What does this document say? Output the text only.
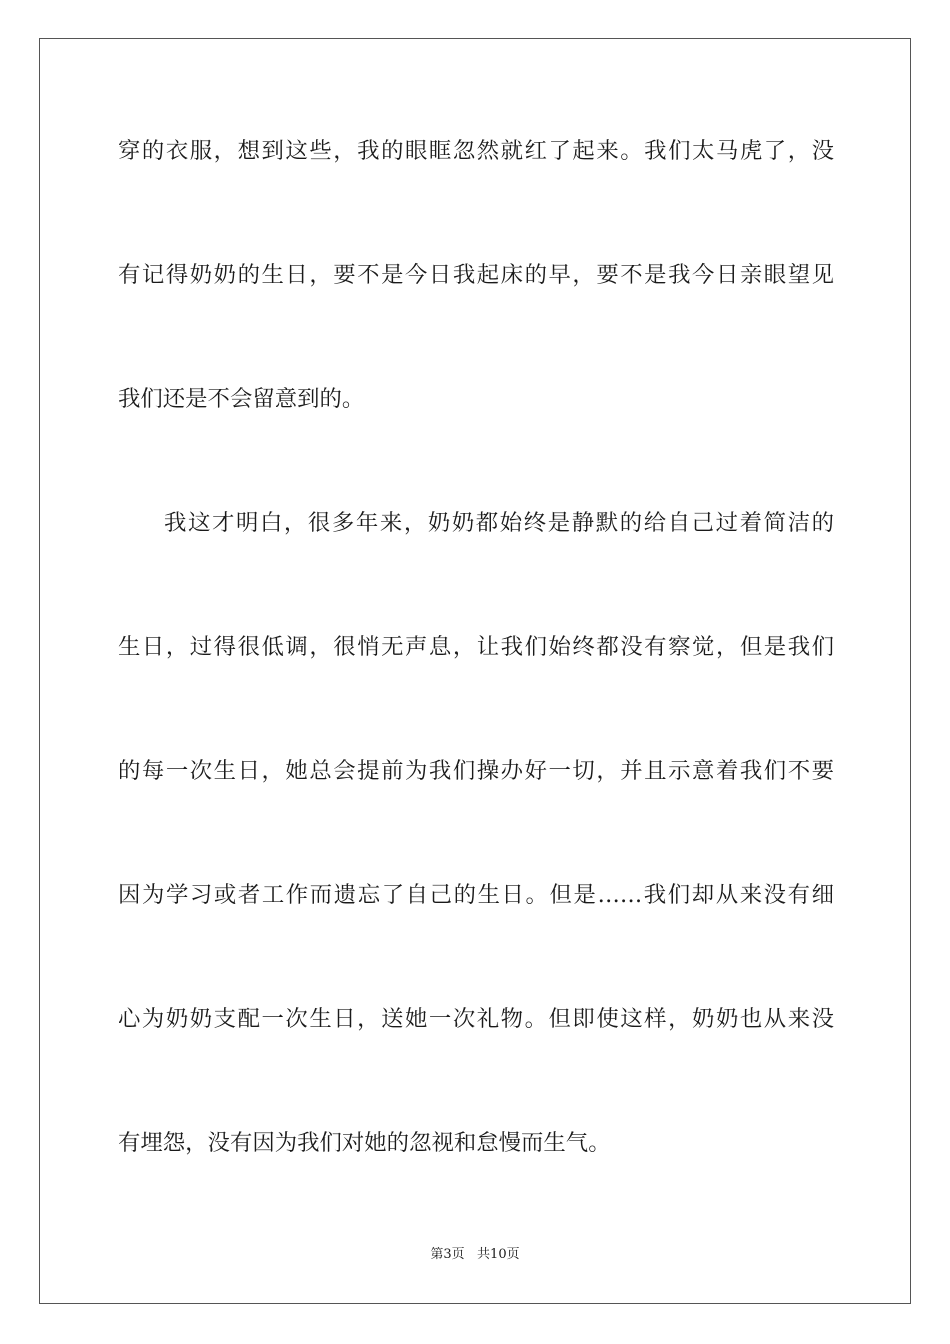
穿的衣服，想到这些，我的眼眶忽然就红了起来。我们太马虎了，没
有记得奶奶的生日，要不是今日我起床的早，要不是我今日亲眼望见
我们还是不会留意到的。
我这才明白，很多年来，奶奶都始终是静默的给自己过着简洁的
生日，过得很低调，很悄无声息，让我们始终都没有察觉，但是我们
的每一次生日，她总会提前为我们操办好一切，并且示意着我们不要
因为学习或者工作而遗忘了自己的生日。但是……我们却从来没有细
心为奶奶支配一次生日，送她一次礼物。但即使这样，奶奶也从来没
有埋怨，没有因为我们对她的忽视和怠慢而生气。
第3页   共10页
